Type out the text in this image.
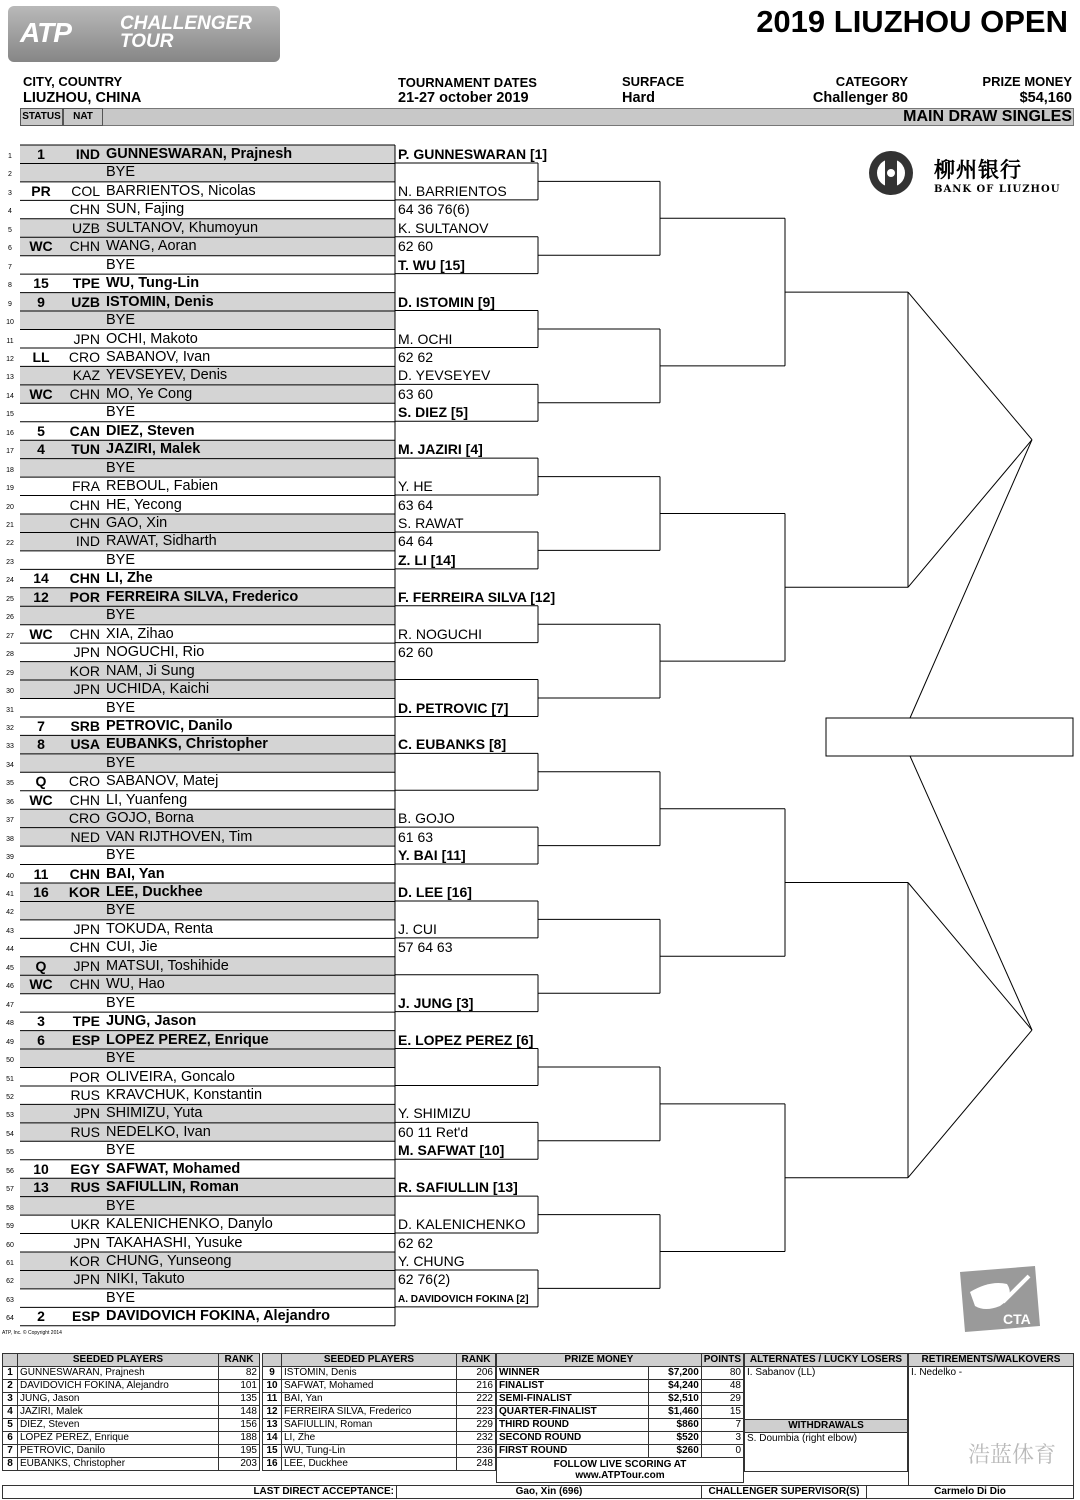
ATP	CHALLENGER
TOUR
2019 LIUZHOU OPEN
CITY, COUNTRY
LIUZHOU, CHINA
TOURNAMENT DATES
21-27 october 2019
SURFACE
Hard
CATEGORY
Challenger 80
PRIZE MONEY
$54,160
STATUS	NAT	MAIN DRAW SINGLES
柳州银行
BANK OF LIUZHOU
1	1	IND GUNNESWARAN, Prajnesh
2	BYE
3	PR	COL BARRIENTOS, Nicolas
4	CHN SUN, Fajing
5	UZB SULTANOV, Khumoyun
6	WC	CHN WANG, Aoran
7	BYE
8	15	TPE WU, Tung-Lin
9	9	UZB ISTOMIN, Denis
10	BYE
11	JPN OCHI, Makoto
12	LL	CRO SABANOV, Ivan
13	KAZ YEVSEYEV, Denis
14	WC	CHN MO, Ye Cong
15	BYE
16	5	CAN DIEZ, Steven
17	4	TUN JAZIRI, Malek
18	BYE
19	FRA REBOUL, Fabien
20	CHN HE, Yecong
21	CHN GAO, Xin
22	IND RAWAT, Sidharth
23	BYE
24	14	CHN LI, Zhe
25	12	POR FERREIRA SILVA, Frederico
26	BYE
27	WC	CHN XIA, Zihao
28	JPN NOGUCHI, Rio
29	KOR NAM, Ji Sung
30	JPN UCHIDA, Kaichi
31	BYE
32	7	SRB PETROVIC, Danilo
33	8	USA EUBANKS, Christopher
34	BYE
35	Q	CRO SABANOV, Matej
36	WC	CHN LI, Yuanfeng
37	CRO GOJO, Borna
38	NED VAN RIJTHOVEN, Tim
39	BYE
40	11	CHN BAI, Yan
41	16	KOR LEE, Duckhee
42	BYE
43	JPN TOKUDA, Renta
44	CHN CUI, Jie
45	Q	JPN MATSUI, Toshihide
46	WC	CHN WU, Hao
47	BYE
48	3	TPE JUNG, Jason
49	6	ESP LOPEZ PEREZ, Enrique
50	BYE
51	POR OLIVEIRA, Goncalo
52	RUS KRAVCHUK, Konstantin
53	JPN SHIMIZU, Yuta
54	RUS NEDELKO, Ivan
55	BYE
56	10	EGY SAFWAT, Mohamed
57	13	RUS SAFIULLIN, Roman
58	BYE
59	UKR KALENICHENKO, Danylo
60	JPN TAKAHASHI, Yusuke
61	KOR CHUNG, Yunseong
62	JPN NIKI, Takuto
63	BYE
64	2	ESP DAVIDOVICH FOKINA, Alejandro
P. GUNNESWARAN [1]
N. BARRIENTOS
64 36 76(6)
K. SULTANOV
62 60
T. WU [15]
D. ISTOMIN [9]
M. OCHI
62 62
D. YEVSEYEV
63 60
S. DIEZ [5]
M. JAZIRI [4]
Y. HE
63 64
S. RAWAT
64 64
Z. LI [14]
F. FERREIRA SILVA [12]
R. NOGUCHI
62 60
D. PETROVIC [7]
C. EUBANKS [8]
B. GOJO
61 63
Y. BAI [11]
D. LEE [16]
J. CUI
57 64 63
J. JUNG [3]
E. LOPEZ PEREZ [6]
Y. SHIMIZU
60 11 Ret'd
M. SAFWAT [10]
R. SAFIULLIN [13]
D. KALENICHENKO
62 62
Y. CHUNG
62 76(2)
A. DAVIDOVICH FOKINA [2]
CTA
ATP, Inc. © Copyright 2014
	SEEDED PLAYERS	RANK
1	GUNNESWARAN, Prajnesh	82
2	DAVIDOVICH FOKINA, Alejandro	101
3	JUNG, Jason	135
4	JAZIRI, Malek	148
5	DIEZ, Steven	156
6	LOPEZ PEREZ, Enrique	188
7	PETROVIC, Danilo	195
8	EUBANKS, Christopher	203
	SEEDED PLAYERS	RANK
9	ISTOMIN, Denis	206
10	SAFWAT, Mohamed	216
11	BAI, Yan	222
12	FERREIRA SILVA, Frederico	223
13	SAFIULLIN, Roman	229
14	LI, Zhe	232
15	WU, Tung-Lin	236
16	LEE, Duckhee	248
PRIZE MONEY		POINTS
WINNER	$7,200	80
FINALIST	$4,240	48
SEMI-FINALIST	$2,510	29
QUARTER-FINALIST	$1,460	15
THIRD ROUND	$860	7
SECOND ROUND	$520	3
FIRST ROUND	$260	0

FOLLOW LIVE SCORING AT
www.ATPTour.com		
ALTERNATES / LUCKY LOSERS
I. Sabanov (LL)
WITHDRAWALS
S. Doumbia (right elbow)
RETIREMENTS/WALKOVERS
I. Nedelko -
LAST DIRECT ACCEPTANCE:	Gao, Xin (696)	CHALLENGER SUPERVISOR(S)	Carmelo Di Dio
浩蓝体育
